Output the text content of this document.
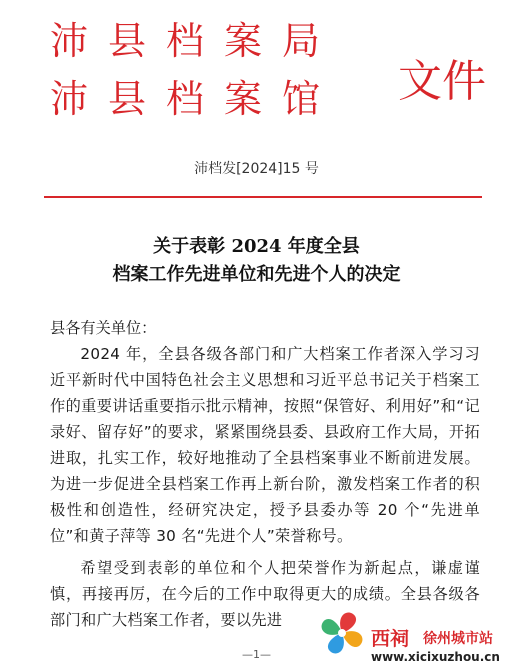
沛县档案局
沛县档案馆 文件
沛档发[2024]15 号
关于表彰 2024 年度全县
档案工作先进单位和先进个人的决定

县各有关单位：

2024 年，全县各级各部门和广大档案工作者深入学习习近平新时代中国特色社会主义思想和习近平总书记关于档案工作的重要讲话重要指示批示精神，按照“保管好、利用好”和“记录好、留存好”的要求，紧紧围绕县委、县政府工作大局，开拓进取，扎实工作，较好地推动了全县档案事业不断前进发展。为进一步促进全县档案工作再上新台阶，激发档案工作者的积极性和创造性，经研究决定，授予县委办等 20 个“先进单位”和黄子萍等 30 名“先进个人”荣誉称号。

希望受到表彰的单位和个人把荣誉作为新起点，谦虚谨慎，再接再厉，在今后的工作中取得更大的成绩。全县各级各部门和广大档案工作者，要以先进

—1—
西祠 徐州城市站
www.xicixuzhou.cn
